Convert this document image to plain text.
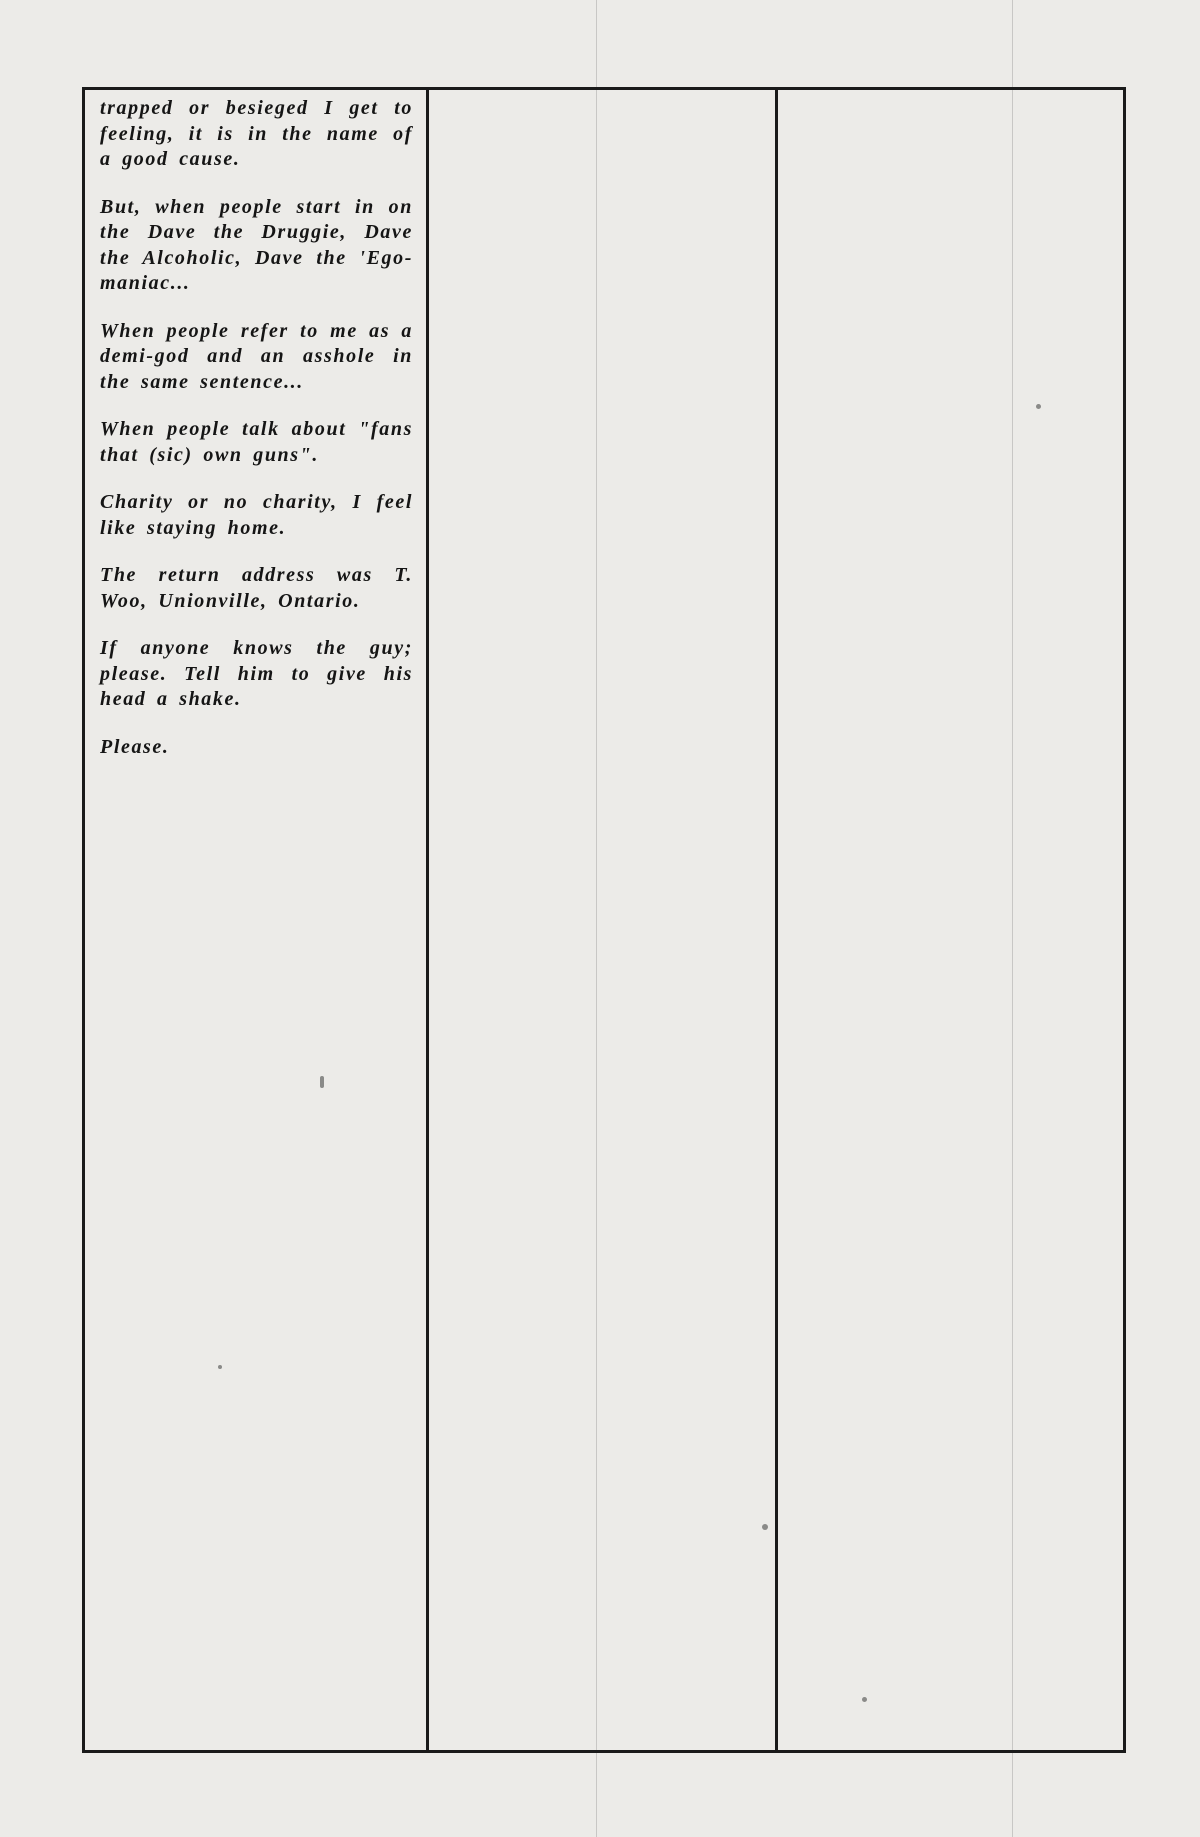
trapped or besieged I get to feeling, it is in the name of a good cause.

But, when people start in on the Dave the Druggie, Dave the Alcoholic, Dave the 'Ego-maniac...

When people refer to me as a demi-god and an asshole in the same sentence...

When people talk about "fans that (sic) own guns".

Charity or no charity, I feel like staying home.

The return address was T. Woo, Unionville, Ontario.

If anyone knows the guy; please. Tell him to give his head a shake.

Please.
